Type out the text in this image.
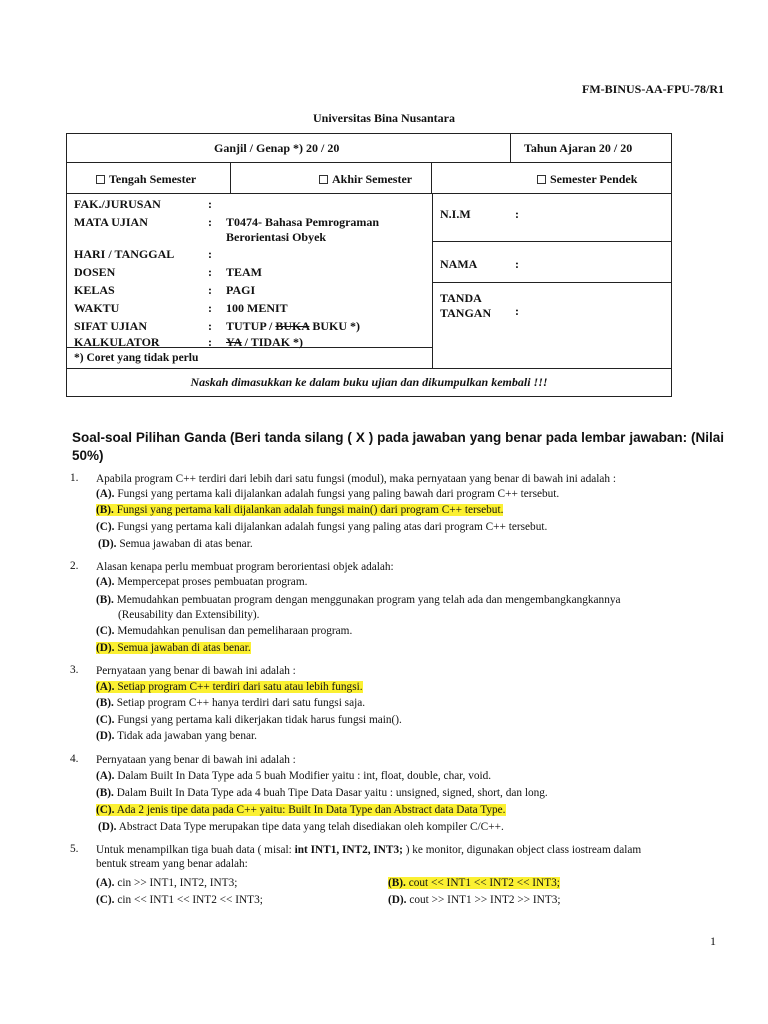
FM-BINUS-AA-FPU-78/R1
Universitas Bina Nusantara
Ganjil / Genap *) 20 / 20	Tahun Ajaran 20 / 20
Tengah Semester	Akhir Semester	Semester Pendek
FAK./JURUSAN	:
MATA UJIAN	: T0474- Bahasa Pemrograman
Berorientasi Obyek
HARI / TANGGAL	:
DOSEN	: TEAM
KELAS	: PAGI
WAKTU	: 100 MENIT
SIFAT UJIAN	: TUTUP / BUKA BUKU *)
KALKULATOR	: YA / TIDAK *)
*) Coret yang tidak perlu
N.I.M	:
NAMA	:
TANDA
TANGAN :
Naskah dimasukkan ke dalam buku ujian dan dikumpulkan kembali !!!
Soal-soal Pilihan Ganda (Beri tanda silang ( X ) pada jawaban yang benar pada lembar jawaban: (Nilai 50%)
1. Apabila program C++ terdiri dari lebih dari satu fungsi (modul), maka pernyataan yang benar di bawah ini adalah :
(A). Fungsi yang pertama kali dijalankan adalah fungsi yang paling bawah dari program C++ tersebut.
(B). Fungsi yang pertama kali dijalankan adalah fungsi main() dari program C++ tersebut.
(C). Fungsi yang pertama kali dijalankan adalah fungsi yang paling atas dari program C++ tersebut.
(D). Semua jawaban di atas benar.
2. Alasan kenapa perlu membuat program berorientasi objek adalah:
(A). Mempercepat proses pembuatan program.
(B). Memudahkan pembuatan program dengan menggunakan program yang telah ada dan mengembangkangkannya
(Reusability dan Extensibility).
(C). Memudahkan penulisan dan pemeliharaan program.
(D). Semua jawaban di atas benar.
3. Pernyataan yang benar di bawah ini adalah :
(A). Setiap program C++ terdiri dari satu atau lebih fungsi.
(B). Setiap program C++ hanya terdiri dari satu fungsi saja.
(C). Fungsi yang pertama kali dikerjakan tidak harus fungsi main().
(D). Tidak ada jawaban yang benar.
4. Pernyataan yang benar di bawah ini adalah :
(A). Dalam Built In Data Type ada 5 buah Modifier yaitu : int, float, double, char, void.
(B). Dalam Built In Data Type ada 4 buah Tipe Data Dasar yaitu : unsigned, signed, short, dan long.
(C). Ada 2 jenis tipe data pada C++ yaitu: Built In Data Type dan Abstract data Data Type.
(D). Abstract Data Type merupakan tipe data yang telah disediakan oleh kompiler C/C++.
5. Untuk menampilkan tiga buah data ( misal: int INT1, INT2, INT3; ) ke monitor, digunakan object class iostream dalam
bentuk stream yang benar adalah:
(A). cin >> INT1, INT2, INT3;	(B). cout << INT1 << INT2 << INT3;
(C). cin << INT1 << INT2 << INT3;	(D). cout >> INT1 >> INT2 >> INT3;
1
